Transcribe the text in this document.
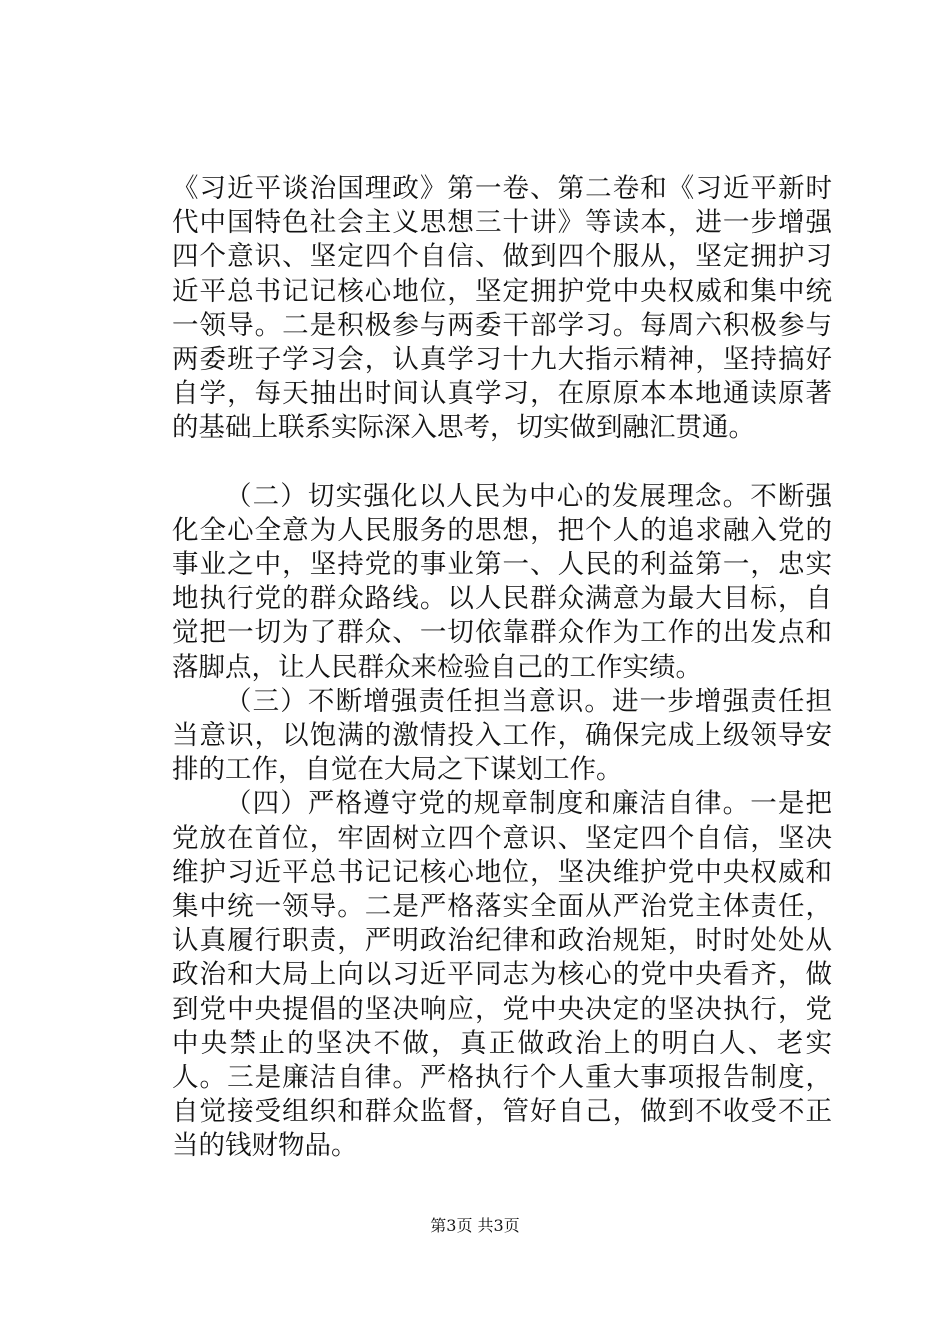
《习近平谈治国理政》第一卷、第二卷和《习近平新时代中国特色社会主义思想三十讲》等读本，进一步增强四个意识、坚定四个自信、做到四个服从，坚定拥护习近平总书记记核心地位，坚定拥护党中央权威和集中统一领导。二是积极参与两委干部学习。每周六积极参与两委班子学习会，认真学习十九大指示精神，坚持搞好自学，每天抽出时间认真学习，在原原本本地通读原著的基础上联系实际深入思考，切实做到融汇贯通。

（二）切实强化以人民为中心的发展理念。不断强化全心全意为人民服务的思想，把个人的追求融入党的事业之中，坚持党的事业第一、人民的利益第一，忠实地执行党的群众路线。以人民群众满意为最大目标，自觉把一切为了群众、一切依靠群众作为工作的出发点和落脚点，让人民群众来检验自己的工作实绩。

（三）不断增强责任担当意识。进一步增强责任担当意识，以饱满的激情投入工作，确保完成上级领导安排的工作，自觉在大局之下谋划工作。

（四）严格遵守党的规章制度和廉洁自律。一是把党放在首位，牢固树立四个意识、坚定四个自信，坚决维护习近平总书记记核心地位，坚决维护党中央权威和集中统一领导。二是严格落实全面从严治党主体责任，认真履行职责，严明政治纪律和政治规矩，时时处处从政治和大局上向以习近平同志为核心的党中央看齐，做到党中央提倡的坚决响应，党中央决定的坚决执行，党中央禁止的坚决不做，真正做政治上的明白人、老实人。三是廉洁自律。严格执行个人重大事项报告制度，自觉接受组织和群众监督，管好自己，做到不收受不正当的钱财物品。

第3页 共3页
